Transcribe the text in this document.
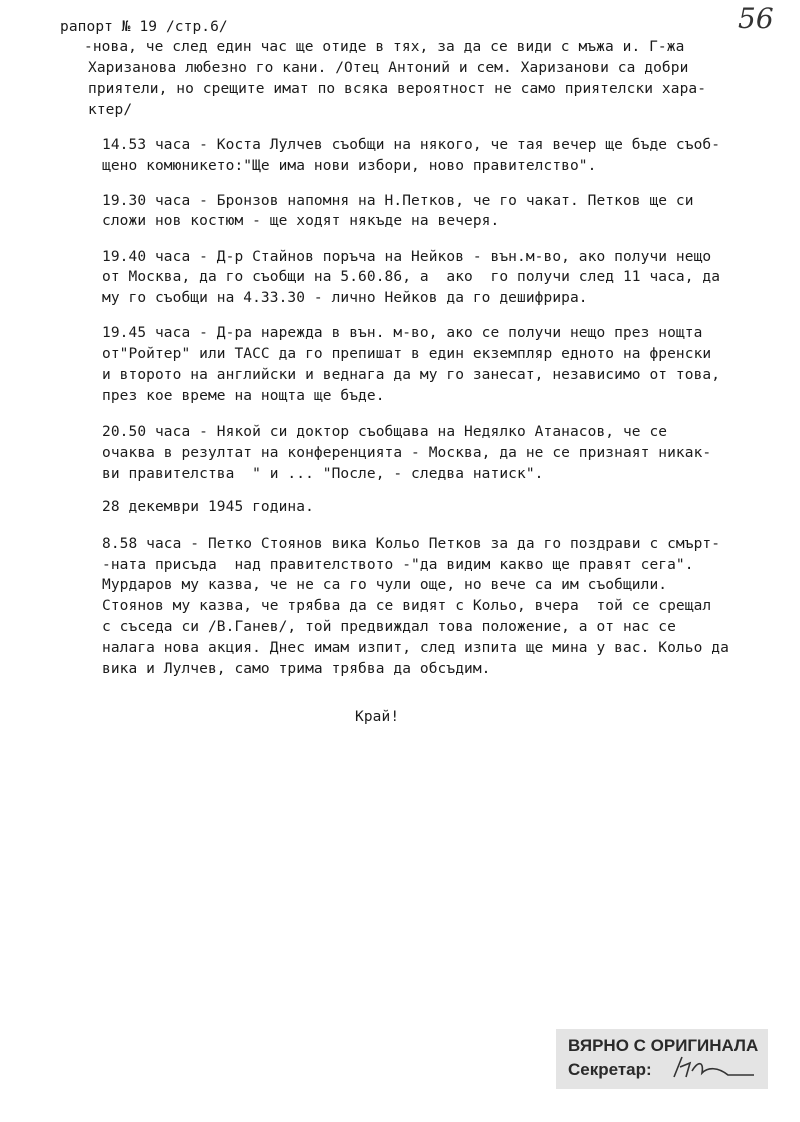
56
рапорт № 19 /стр.6/
-нова, че след един час ще отиде в тях, за да се види с мъжа и. Г-жа
Харизанова любезно го кани. /Отец Антоний и сем. Харизанови са добри
приятели, но срещите имат по всяка вероятност не само приятелски хара-
ктер/
14.53 часа - Коста Лулчев съобщи на някого, че тая вечер ще бъде съоб-
щено комюникето:"Ще има нови избори, ново правителство".
19.30 часа - Бронзов напомня на Н.Петков, че го чакат. Петков ще си
сложи нов костюм - ще ходят някъде на вечеря.
19.40 часа - Д-р Стайнов поръча на Нейков - вън.м-во, ако получи нещо
от Москва, да го съобщи на 5.60.86, а  ако  го получи след 11 часа, да
му го съобщи на 4.33.30 - лично Нейков да го дешифрира.
19.45 часа - Д-ра нарежда в вън. м-во, ако се получи нещо през нощта
от"Ройтер" или ТАСС да го препишат в един екземпляр едното на френски
и второто на английски и веднага да му го занесат, независимо от това,
през кое време на нощта ще бъде.
20.50 часа - Някой си доктор съобщава на Недялко Атанасов, че се
очаква в резултат на конференцията - Москва, да не се признаят никак-
ви правителства  " и ... "После, - следва натиск".
28 декември 1945 година.
8.58 часа - Петко Стоянов вика Кольо Петков за да го поздрави с смърт-
-ната присъда  над правителството -"да видим какво ще правят сега".
Мурдаров му казва, че не са го чули още, но вече са им съобщили.
Стоянов му казва, че трябва да се видят с Кольо, вчера  той се срещал
с съседа си /В.Ганев/, той предвиждал това положение, а от нас се
налага нова акция. Днес имам изпит, след изпита ще мина у вас. Кольо да
вика и Лулчев, само трима трябва да обсъдим.
Край!
ВЯРНО С ОРИГИНАЛА
Секретар:
